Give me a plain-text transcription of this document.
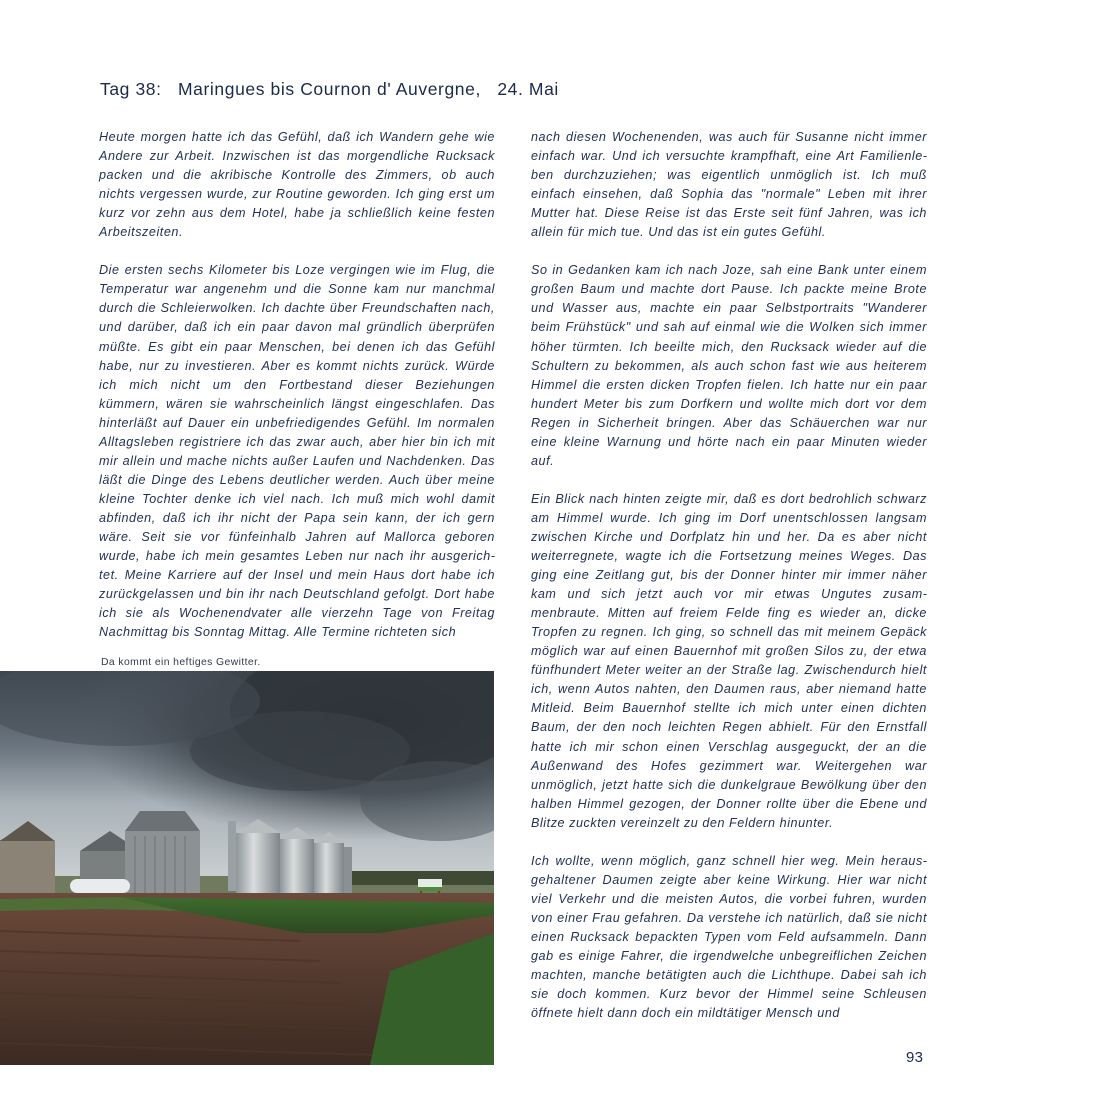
Tag 38:   Maringues bis Cournon d' Auvergne,   24. Mai

Heute morgen hatte ich das Gefühl, daß ich Wandern gehe wie Andere zur Arbeit. Inzwischen ist das morgendliche Rucksack packen und die akribische Kontrolle des Zimmers, ob auch nichts vergessen wurde, zur Routine geworden. Ich ging erst um kurz vor zehn aus dem Hotel, habe ja schließlich keine festen Arbeitszeiten.

Die ersten sechs Kilometer bis Loze vergingen wie im Flug, die Temperatur war angenehm und die Sonne kam nur manchmal durch die Schleierwolken. Ich dachte über Freundschaften nach, und darüber, daß ich ein paar davon mal gründlich überprüfen müßte. Es gibt ein paar Menschen, bei denen ich das Gefühl habe, nur zu investieren. Aber es kommt nichts zurück. Würde ich mich nicht um den Fortbestand dieser Beziehungen kümmern, wären sie wahrscheinlich längst eingeschlafen. Das hinterläßt auf Dauer ein unbefriedigendes Gefühl. Im normalen Alltagsleben registriere ich das zwar auch, aber hier bin ich mit mir allein und mache nichts außer Laufen und Nachdenken. Das läßt die Dinge des Lebens deutlicher werden. Auch über meine kleine Tochter denke ich viel nach. Ich muß mich wohl damit abfinden, daß ich ihr nicht der Papa sein kann, der ich gern wäre. Seit sie vor fünfeinhalb Jahren auf Mallorca geboren wurde, habe ich mein gesamtes Leben nur nach ihr ausgerichtet. Meine Karriere auf der Insel und mein Haus dort habe ich zurückgelassen und bin ihr nach Deutschland gefolgt. Dort habe ich sie als Wochenendvater alle vierzehn Tage von Freitag Nachmittag bis Sonntag Mittag. Alle Termine richteten sich

nach diesen Wochenenden, was auch für Susanne nicht immer einfach war. Und ich versuchte krampfhaft, eine Art Familienleben durchzuziehen; was eigentlich unmöglich ist. Ich muß einfach einsehen, daß Sophia das "normale" Leben mit ihrer Mutter hat. Diese Reise ist das Erste seit fünf Jahren, was ich allein für mich tue. Und das ist ein gutes Gefühl.

So in Gedanken kam ich nach Joze, sah eine Bank unter einem großen Baum und machte dort Pause. Ich packte meine Brote und Wasser aus, machte ein paar Selbstportraits "Wanderer beim Frühstück" und sah auf einmal wie die Wolken sich immer höher türmten. Ich beeilte mich, den Rucksack wieder auf die Schultern zu bekommen, als auch schon fast wie aus heiterem Himmel die ersten dicken Tropfen fielen. Ich hatte nur ein paar hundert Meter bis zum Dorfkern und wollte mich dort vor dem Regen in Sicherheit bringen. Aber das Schäuerchen war nur eine kleine Warnung und hörte nach ein paar Minuten wieder auf.

Ein Blick nach hinten zeigte mir, daß es dort bedrohlich schwarz am Himmel wurde. Ich ging im Dorf unentschlossen langsam zwischen Kirche und Dorfplatz hin und her. Da es aber nicht weiterregnete, wagte ich die Fortsetzung meines Weges. Das ging eine Zeitlang gut, bis der Donner hinter mir immer näher kam und sich jetzt auch vor mir etwas Ungutes zusammenbraute. Mitten auf freiem Felde fing es wieder an, dicke Tropfen zu regnen. Ich ging, so schnell das mit meinem Gepäck möglich war auf einen Bauernhof mit großen Silos zu, der etwa fünfhundert Meter weiter an der Straße lag. Zwischendurch hielt ich, wenn Autos nahten, den Daumen raus, aber niemand hatte Mitleid. Beim Bauernhof stellte ich mich unter einen dichten Baum, der den noch leichten Regen abhielt. Für den Ernstfall hatte ich mir schon einen Verschlag ausgeguckt, der an die Außenwand des Hofes gezimmert war. Weitergehen war unmöglich, jetzt hatte sich die dunkelgraue Bewölkung über den halben Himmel gezogen, der Donner rollte über die Ebene und Blitze zuckten vereinzelt zu den Feldern hinunter.

Ich wollte, wenn möglich, ganz schnell hier weg. Mein herausgehaltener Daumen zeigte aber keine Wirkung. Hier war nicht viel Verkehr und die meisten Autos, die vorbei fuhren, wurden von einer Frau gefahren. Da verstehe ich natürlich, daß sie nicht einen Rucksack bepackten Typen vom Feld aufsammeln. Dann gab es einige Fahrer, die irgendwelche unbegreiflichen Zeichen machten, manche betätigten auch die Lichthupe. Dabei sah ich sie doch kommen. Kurz bevor der Himmel seine Schleusen öffnete hielt dann doch ein mildtätiger Mensch und

Da kommt ein heftiges Gewitter.
93
